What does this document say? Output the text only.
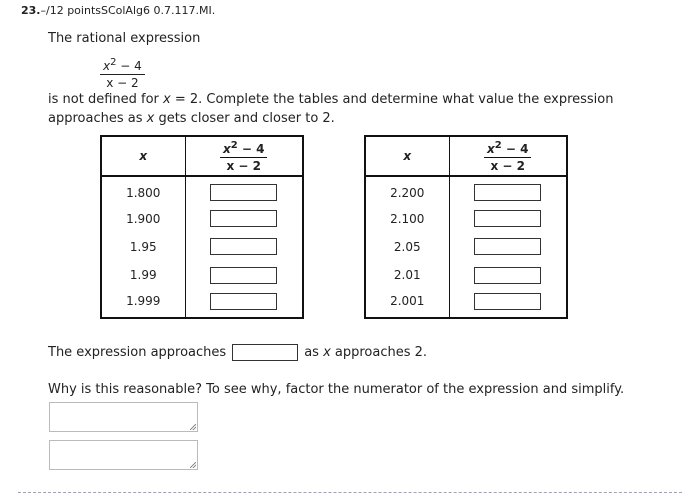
23.–/12 pointsSColAlg6 0.7.117.MI.
The rational expression
$\frac{x^2 - 4}{x - 2}$
is not defined for x = 2. Complete the tables and determine what value the expression approaches as x gets closer and closer to 2.
x	$\frac{x^2 - 4}{x - 2}$

1.800	
1.900	
1.95	
1.99	
1.999	
x	$\frac{x^2 - 4}{x - 2}$

2.200	
2.100	
2.05	
2.01	
2.001	
The expression approaches	as x approaches 2.
Why is this reasonable? To see why, factor the numerator of the expression and simplify.
